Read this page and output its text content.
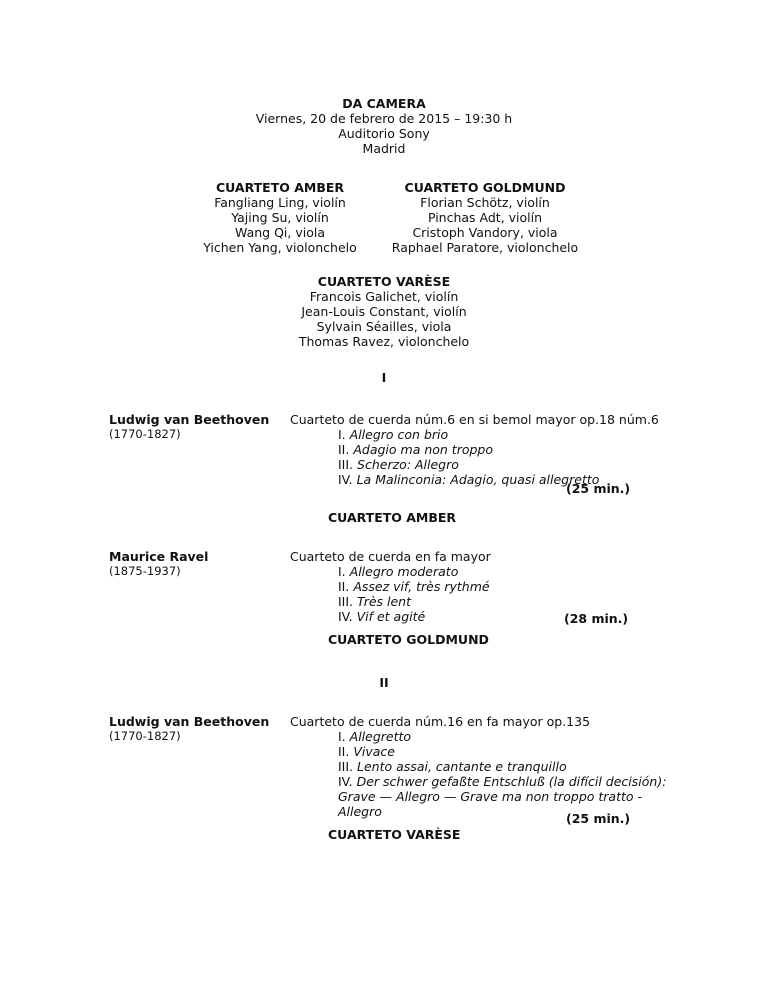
DA CAMERA
Viernes, 20 de febrero de 2015 – 19:30 h
Auditorio Sony
Madrid
CUARTETO AMBER
Fangliang Ling, violín
Yajing Su, violín
Wang Qi, viola
Yichen Yang, violonchelo
CUARTETO GOLDMUND
Florian Schötz, violín
Pinchas Adt, violín
Cristoph Vandory, viola
Raphael Paratore, violonchelo
CUARTETO VARÈSE
Francois Galichet, violín
Jean-Louis Constant, violín
Sylvain Séailles, viola
Thomas Ravez, violonchelo
I
Ludwig van Beethoven
(1770-1827)
Cuarteto de cuerda núm.6 en si bemol mayor op.18 núm.6
I. Allegro con brio
II. Adagio ma non troppo
III. Scherzo: Allegro
IV. La Malinconia: Adagio, quasi allegretto
(25 min.)
CUARTETO AMBER
Maurice Ravel
(1875-1937)
Cuarteto de cuerda en fa mayor
I. Allegro moderato
II. Assez vif, très rythmé
III. Très lent
IV. Vif et agité	(28 min.)
CUARTETO GOLDMUND
II
Ludwig van Beethoven
(1770-1827)
Cuarteto de cuerda núm.16 en fa mayor op.135
I. Allegretto
II. Vivace
III. Lento assai, cantante e tranquillo
IV. Der schwer gefaßte Entschluß (la difícil decisión):
Grave — Allegro — Grave ma non troppo tratto -
Allegro	(25 min.)
CUARTETO VARÈSE
